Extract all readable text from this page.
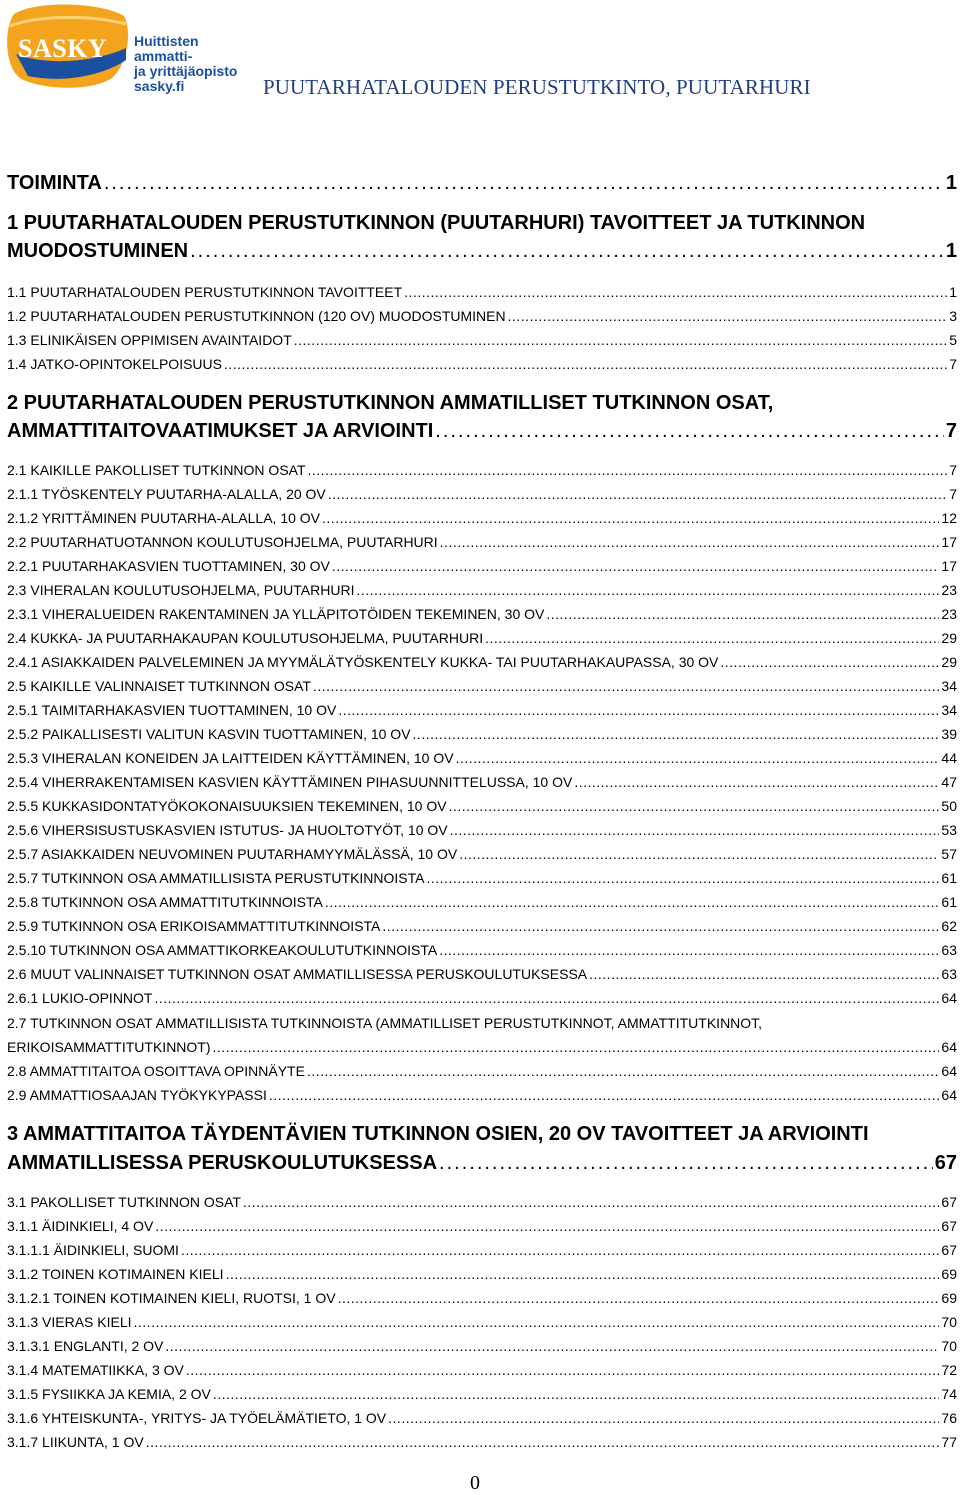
SASKY Huittisten ammatti-
ja yrittäjäopisto
sasky.fi	PUUTARHATALOUDEN PERUSTUTKINTO, PUUTARHURI
TOIMINTA .....	1
1 PUUTARHATALOUDEN PERUSTUTKINNON (PUUTARHURI) TAVOITTEET JA TUTKINNON
MUODOSTUMINEN .....	1
1.1 PUUTARHATALOUDEN PERUSTUTKINNON TAVOITTEET .....	1
1.2 PUUTARHATALOUDEN PERUSTUTKINNON (120 OV) MUODOSTUMINEN .....	3
1.3 ELINIKÄISEN OPPIMISEN AVAINTAIDOT .....	5
1.4 JATKO-OPINTOKELPOISUUS .....	7
2 PUUTARHATALOUDEN PERUSTUTKINNON AMMATILLISET TUTKINNON OSAT,
AMMATTITAITOVAATIMUKSET JA ARVIOINTI .....	7
2.1 KAIKILLE PAKOLLISET TUTKINNON OSAT .....	7
2.1.1 TYÖSKENTELY PUUTARHA-ALALLA, 20 OV .....	7
2.1.2 YRITTÄMINEN PUUTARHA-ALALLA, 10 OV .....	12
2.2 PUUTARHATUOTANNON KOULUTUSOHJELMA, PUUTARHURI .....	17
2.2.1 PUUTARHAKASVIEN TUOTTAMINEN, 30 OV .....	17
2.3 VIHERALAN KOULUTUSOHJELMA, PUUTARHURI .....	23
2.3.1 VIHERALUEIDEN RAKENTAMINEN JA YLLÄPITOTÖIDEN TEKEMINEN, 30 OV .....	23
2.4 KUKKA- JA PUUTARHAKAUPAN KOULUTUSOHJELMA, PUUTARHURI .....	29
2.4.1 ASIAKKAIDEN PALVELEMINEN JA MYYMÄLÄTYÖSKENTELY KUKKA- TAI PUUTARHAKAUPASSA, 30 OV .....	29
2.5 KAIKILLE VALINNAISET TUTKINNON OSAT .....	34
2.5.1 TAIMITARHAKASVIEN TUOTTAMINEN, 10 OV .....	34
2.5.2 PAIKALLISESTI VALITUN KASVIN TUOTTAMINEN, 10 OV .....	39
2.5.3 VIHERALAN KONEIDEN JA LAITTEIDEN KÄYTTÄMINEN, 10 OV .....	44
2.5.4 VIHERRAKENTAMISEN KASVIEN KÄYTTÄMINEN PIHASUUNNITTELUSSA, 10 OV .....	47
2.5.5 KUKKASIDONTATYÖKOKONAISUUKSIEN TEKEMINEN, 10 OV .....	50
2.5.6 VIHERSISUSTUSKASVIEN ISTUTUS- JA HUOLTOTYÖT, 10 OV .....	53
2.5.7 ASIAKKAIDEN NEUVOMINEN PUUTARHAMYYMÄLÄSSÄ, 10 OV .....	57
2.5.7 TUTKINNON OSA AMMATILLISISTA PERUSTUTKINNOISTA .....	61
2.5.8 TUTKINNON OSA AMMATTITUTKINNOISTA .....	61
2.5.9 TUTKINNON OSA ERIKOISAMMATTITUTKINNOISTA .....	62
2.5.10 TUTKINNON OSA AMMATTIKORKEAKOULUTUTKINNOISTA .....	63
2.6 MUUT VALINNAISET TUTKINNON OSAT AMMATILLISESSA PERUSKOULUTUKSESSA .....	63
2.6.1 LUKIO-OPINNOT .....	64
2.7 TUTKINNON OSAT AMMATILLISISTA TUTKINNOISTA (AMMATILLISET PERUSTUTKINNOT, AMMATTITUTKINNOT,
ERIKOISAMMATTITUTKINNOT) .....	64
2.8 AMMATTITAITOA OSOITTAVA OPINNÄYTE .....	64
2.9 AMMATTIOSAAJAN TYÖKYKYPASSI .....	64
3 AMMATTITAITOA TÄYDENTÄVIEN TUTKINNON OSIEN, 20 OV TAVOITTEET JA ARVIOINTI
AMMATILLISESSA PERUSKOULUTUKSESSA .....	67
3.1 PAKOLLISET TUTKINNON OSAT .....	67
3.1.1 ÄIDINKIELI, 4 OV .....	67
3.1.1.1 ÄIDINKIELI, SUOMI .....	67
3.1.2 TOINEN KOTIMAINEN KIELI .....	69
3.1.2.1 TOINEN KOTIMAINEN KIELI, RUOTSI, 1 OV .....	69
3.1.3 VIERAS KIELI .....	70
3.1.3.1 ENGLANTI, 2 OV .....	70
3.1.4 MATEMATIIKKA, 3 OV .....	72
3.1.5 FYSIIKKA JA KEMIA, 2 OV .....	74
3.1.6 YHTEISKUNTA-, YRITYS- JA TYÖELÄMÄTIETO, 1 OV .....	76
3.1.7 LIIKUNTA, 1 OV .....	77
0
